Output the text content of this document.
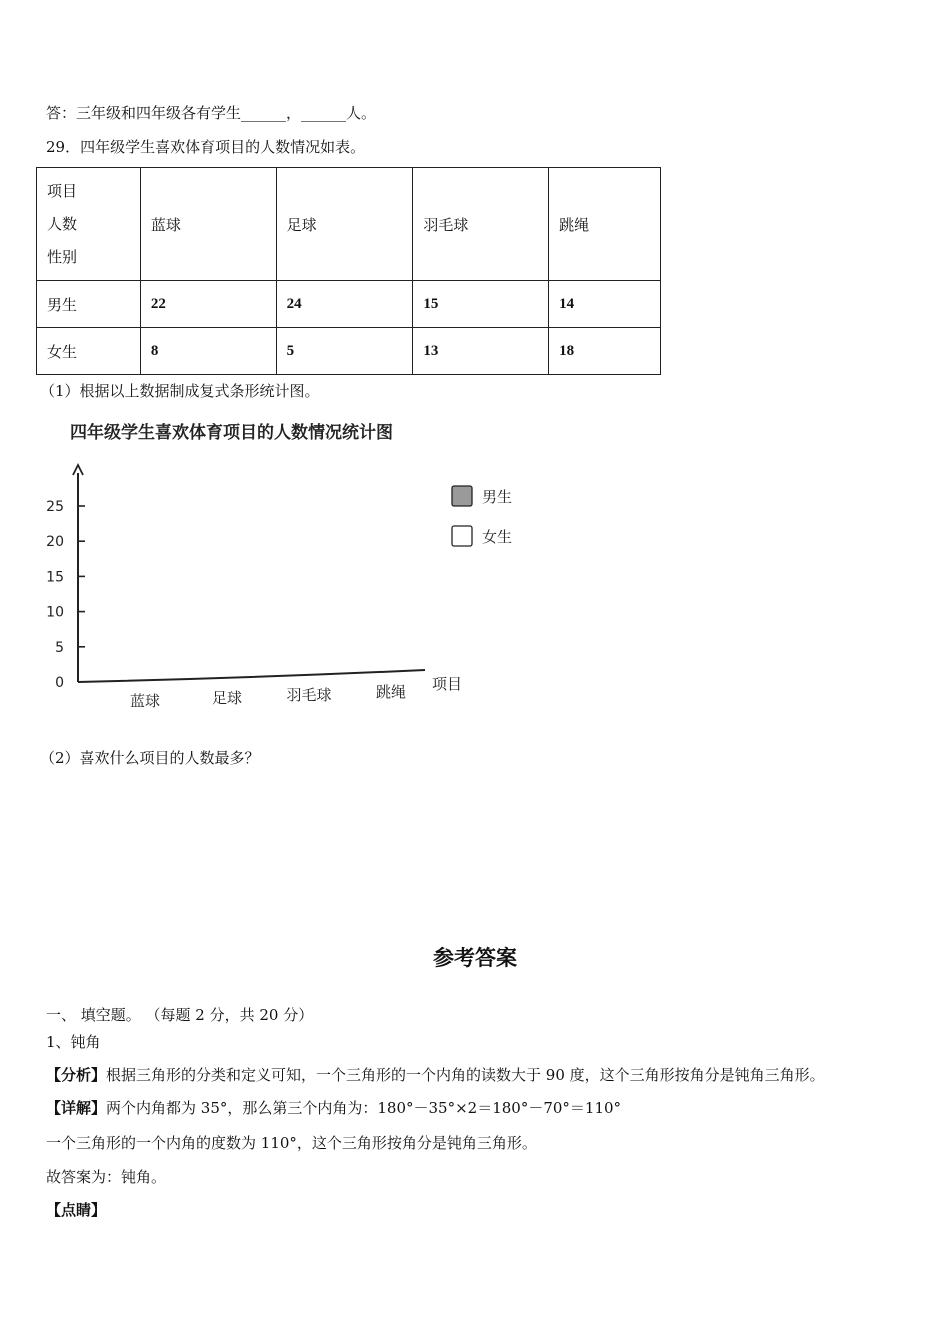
答：三年级和四年级各有学生______，______人。
29．四年级学生喜欢体育项目的人数情况如表。
项目
人数
性别	蓝球	足球	羽毛球	跳绳
男生	22	24	15	14
女生	8	5	13	18
（1）根据以上数据制成复式条形统计图。
四年级学生喜欢体育项目的人数情况统计图
0
5
10
15
20
25
蓝球	足球	羽毛球	跳绳 项目
男生
女生
（2）喜欢什么项目的人数最多？
参考答案
一、 填空题。 （每题 2 分，共 20 分）
1、钝角
【分析】根据三角形的分类和定义可知，一个三角形的一个内角的读数大于 90 度，这个三角形按角分是钝角三角形。
【详解】两个内角都为 35°，那么第三个内角为：180°－35°×2＝180°－70°＝110°
一个三角形的一个内角的度数为 110°，这个三角形按角分是钝角三角形。
故答案为：钝角。
【点睛】
